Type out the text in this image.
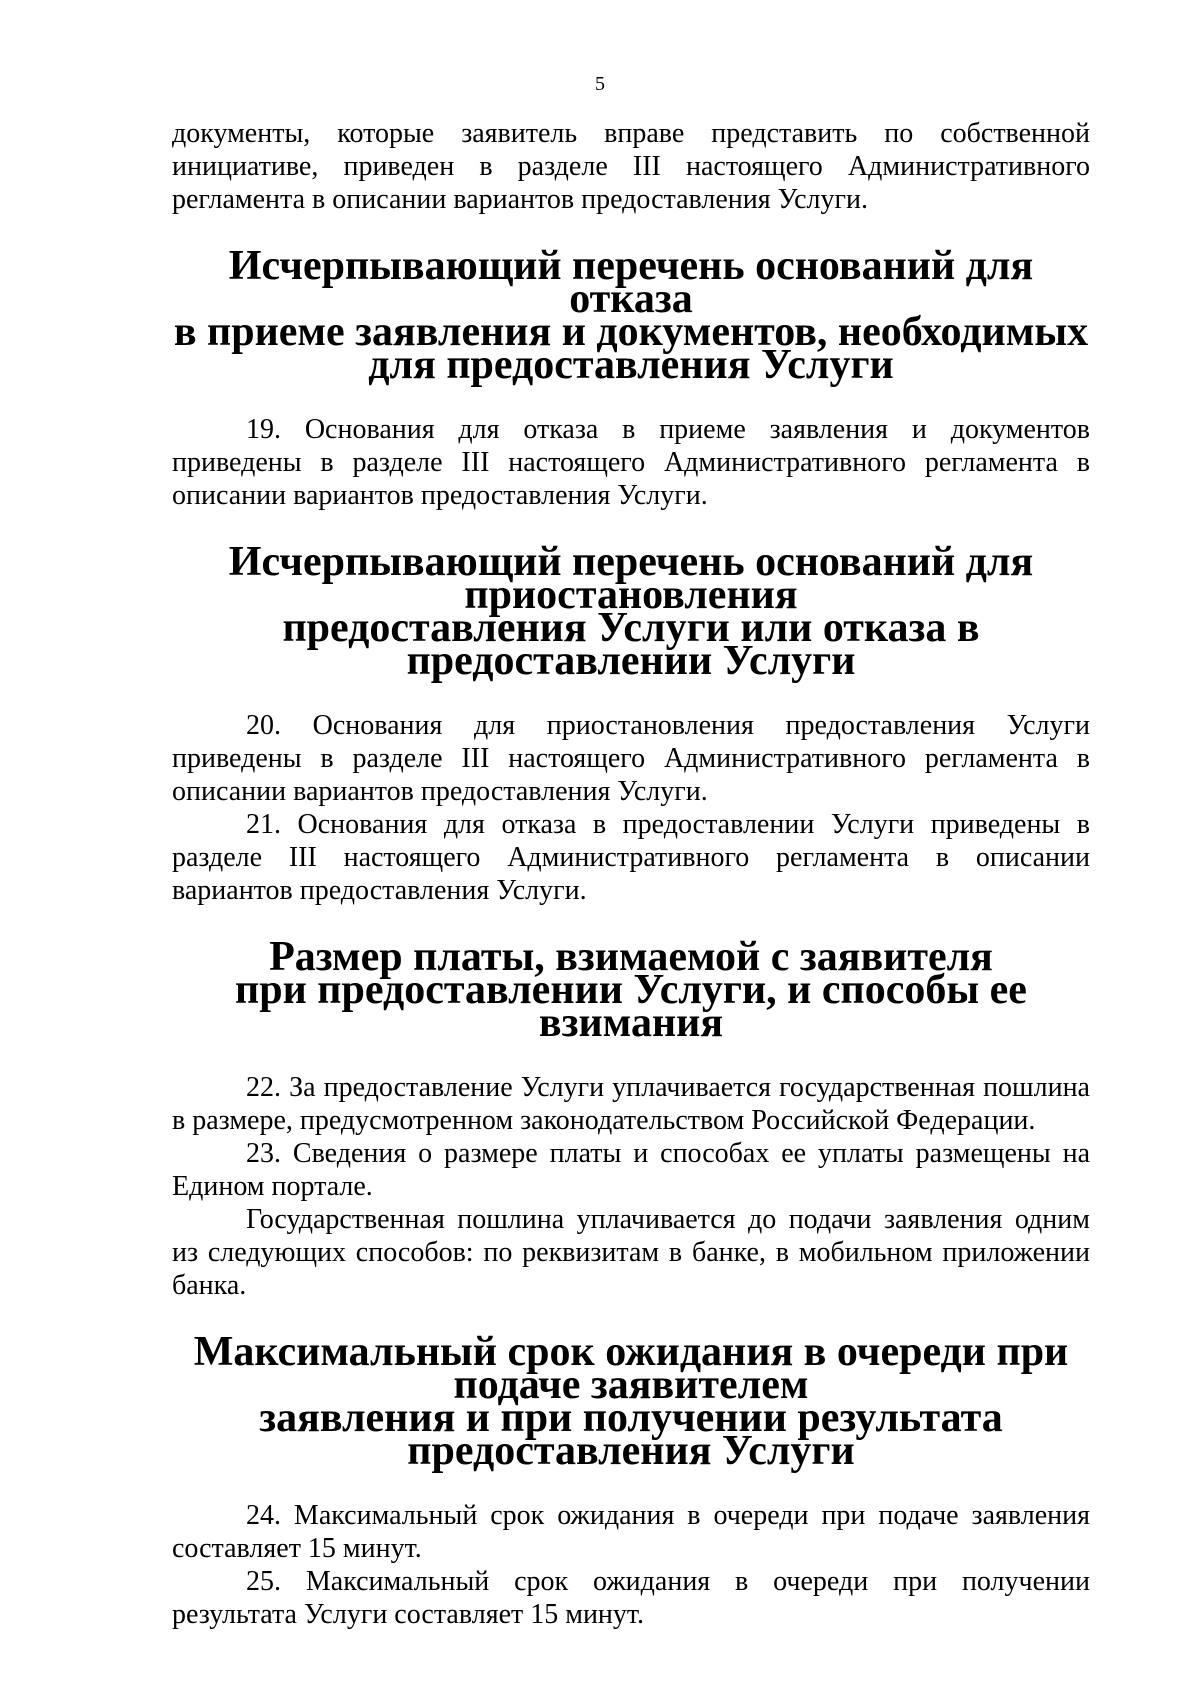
5

документы, которые заявитель вправе представить по собственной инициативе, приведен в разделе III настоящего Административного регламента в описании вариантов предоставления Услуги.

Исчерпывающий перечень оснований для отказа
в приеме заявления и документов, необходимых для предоставления Услуги

19. Основания для отказа в приеме заявления и документов приведены в разделе III настоящего Административного регламента в описании вариантов предоставления Услуги.

Исчерпывающий перечень оснований для приостановления
предоставления Услуги или отказа в предоставлении Услуги

20. Основания для приостановления предоставления Услуги приведены в разделе III настоящего Административного регламента в описании вариантов предоставления Услуги.

21. Основания для отказа в предоставлении Услуги приведены в разделе III настоящего Административного регламента в описании вариантов предоставления Услуги.

Размер платы, взимаемой с заявителя
при предоставлении Услуги, и способы ее взимания

22. За предоставление Услуги уплачивается государственная пошлина в размере, предусмотренном законодательством Российской Федерации.

23. Сведения о размере платы и способах ее уплаты размещены на Едином портале.

Государственная пошлина уплачивается до подачи заявления одним из следующих способов: по реквизитам в банке, в мобильном приложении банка.

Максимальный срок ожидания в очереди при подаче заявителем
заявления и при получении результата предоставления Услуги

24. Максимальный срок ожидания в очереди при подаче заявления составляет 15 минут.

25. Максимальный срок ожидания в очереди при получении результата Услуги составляет 15 минут.
